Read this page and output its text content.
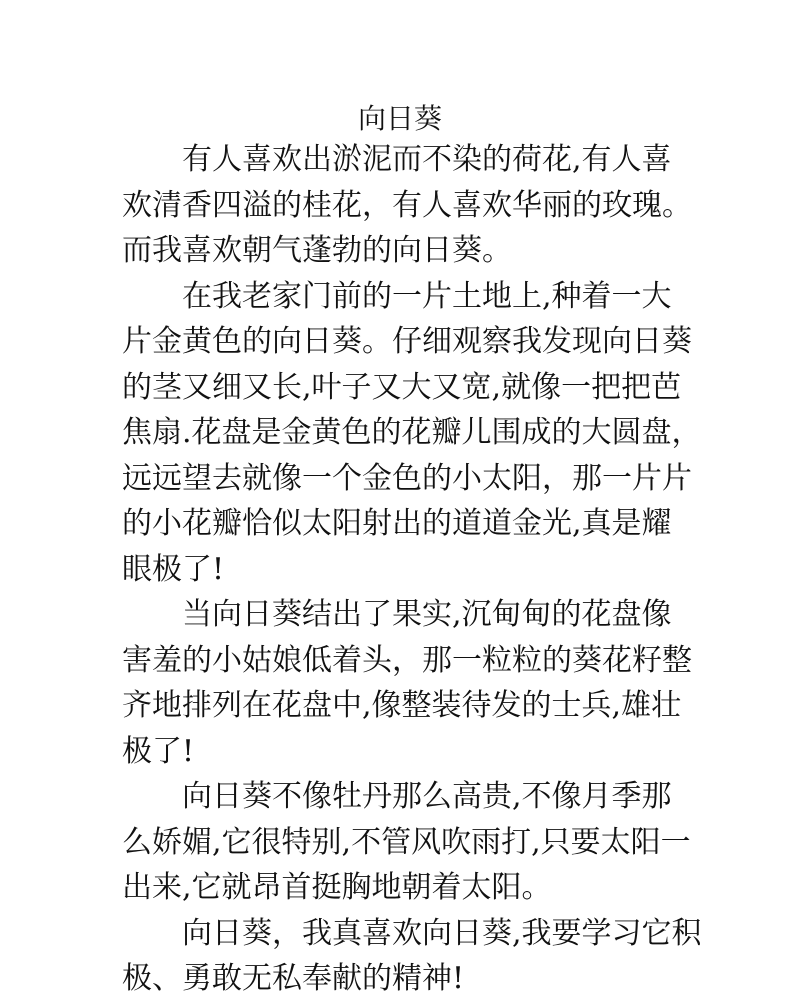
向日葵

有人喜欢出淤泥而不染的荷花,有人喜
欢清香四溢的桂花，有人喜欢华丽的玫瑰。
而我喜欢朝气蓬勃的向日葵。

在我老家门前的一片土地上,种着一大
片金黄色的向日葵。仔细观察我发现向日葵
的茎又细又长,叶子又大又宽,就像一把把芭
焦扇.花盘是金黄色的花瓣儿围成的大圆盘，
远远望去就像一个金色的小太阳，那一片片
的小花瓣恰似太阳射出的道道金光,真是耀
眼极了!

当向日葵结出了果实,沉甸甸的花盘像
害羞的小姑娘低着头，那一粒粒的葵花籽整
齐地排列在花盘中,像整装待发的士兵,雄壮
极了!

向日葵不像牡丹那么高贵,不像月季那
么娇媚,它很特别,不管风吹雨打,只要太阳一
出来,它就昂首挺胸地朝着太阳。

向日葵，我真喜欢向日葵,我要学习它积
极、勇敢无私奉献的精神!
